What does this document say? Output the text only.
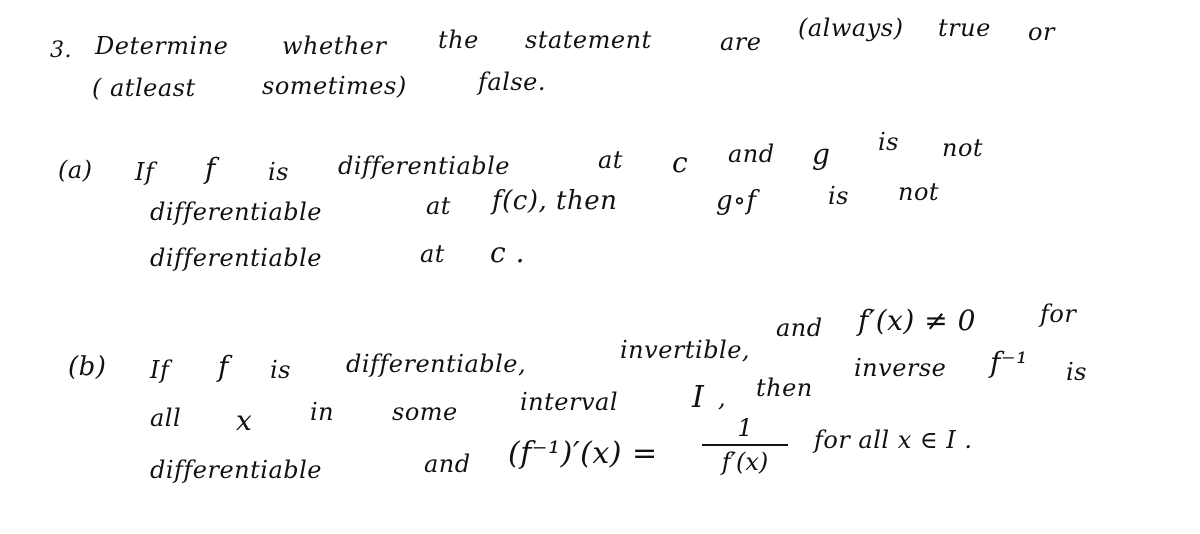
3. Determine whether the statement	are (always) true or
( atleast	sometimes)	false.
(a) If f is differentiable	at c and g is not
differentiable	at f(c), then	g∘f	is not
differentiable	at c .
and f′(x) ≠ 0	for
(b) If f is differentiable,	invertible,
inverse f⁻¹ is
all x in some	interval I , then
differentiable	and (f⁻¹)′(x) =
1
f′(x)
for all x ∈ I .
